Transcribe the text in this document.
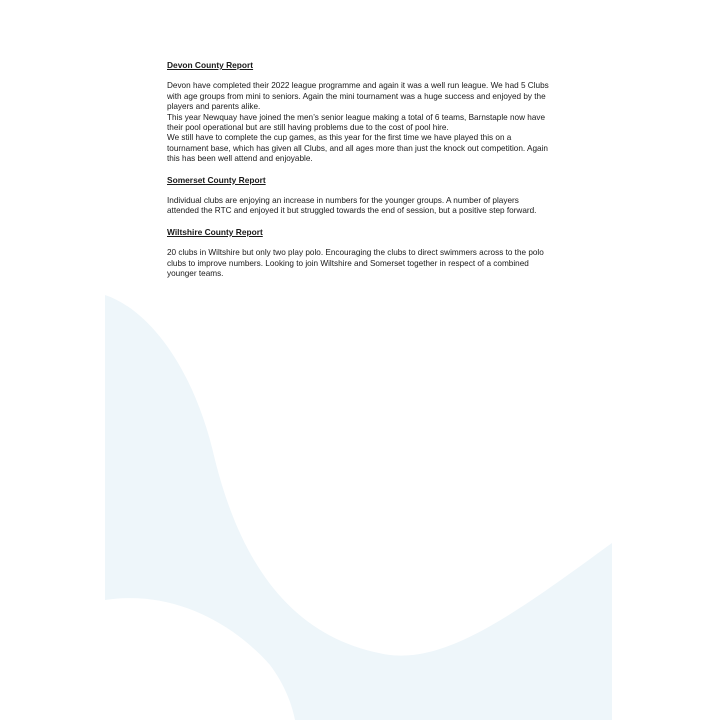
Devon County Report

Devon have completed their 2022 league programme and again it was a well run league. We had 5 Clubs with age groups from mini to seniors. Again the mini tournament was a huge success and enjoyed by the players and parents alike.

This year Newquay have joined the men’s senior league making a total of 6 teams, Barnstaple now have their pool operational but are still having problems due to the cost of pool hire.

We still have to complete the cup games, as this year for the first time we have played this on a tournament base, which has given all Clubs, and all ages more than just the knock out competition. Again this has been well attend and enjoyable.

Somerset County Report

Individual clubs are enjoying an increase in numbers for the younger groups. A number of players attended the RTC and enjoyed it but struggled towards the end of session, but a positive step forward.

Wiltshire County Report

20 clubs in Wiltshire but only two play polo. Encouraging the clubs to direct swimmers across to the polo clubs to improve numbers. Looking to join Wiltshire and Somerset together in respect of a combined younger teams.
